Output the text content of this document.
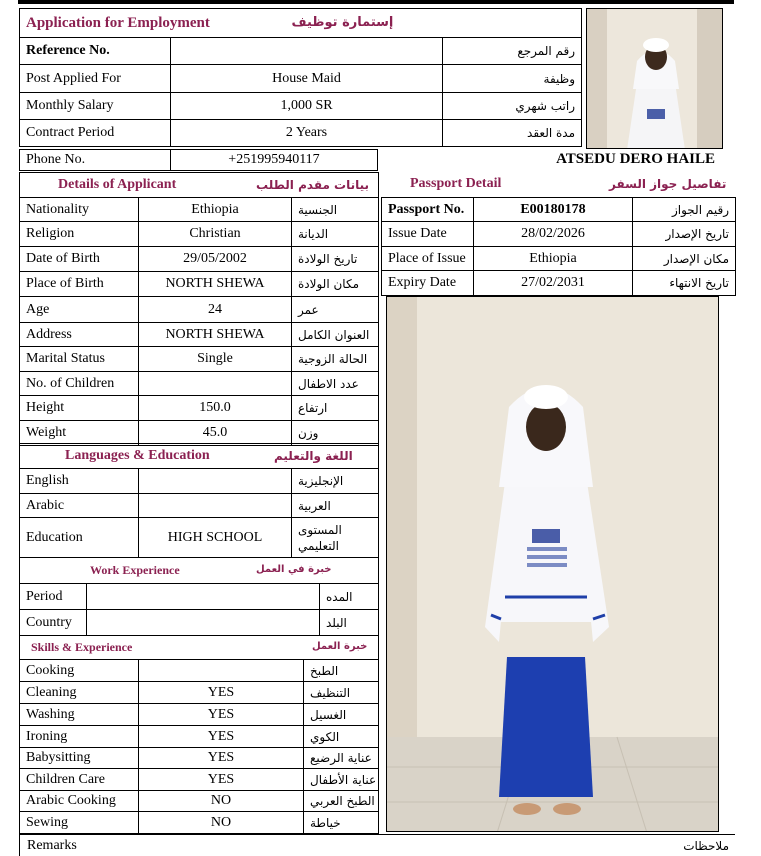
Application for Employment إستمارة توظيف		

Reference No.		رقم المرجع
Post Applied For	House Maid	وظيفة
Monthly Salary	1,000 SR	راتب شهري
Contract Period	2 Years	مدة العقد
Phone No.	+251995940117	ATSEDU DERO HAILE
Details of Applicant بيانات مقدم الطلب		

Nationality	Ethiopia	الجنسية
Religion	Christian	الديانة
Date of Birth	29/05/2002	تاريخ الولادة
Place of Birth	NORTH SHEWA	مكان الولادة
Age	24	عمر
Address	NORTH SHEWA	العنوان الكامل
Marital Status	Single	الحالة الزوجية
No. of Children		عدد الاطفال
Height	150.0	ارتفاع
Weight	45.0	وزن
Languages & Education اللغة والتعليم		

English		الإنجليزية
Arabic		العربية
Education	HIGH SCHOOL	المستوى التعليمي
Work Experience خبرة في العمل		

Period		المده
Country		البلد
Skills & Experience خبرة العمل		

Cooking		الطبخ
Cleaning	YES	التنظيف
Washing	YES	الغسيل
Ironing	YES	الكوي
Babysitting	YES	عناية الرضيع
Children Care	YES	عناية الأطفال
Arabic Cooking	NO	الطبخ العربي
Sewing	NO	خياطة
Remarks	ملاحظات
Passport Detail	تفاصيل جواز السفر
Passport No.	E00180178	رقيم الجواز
Issue Date	28/02/2026	تاريخ الإصدار
Place of Issue	Ethiopia	مكان الإصدار
Expiry Date	27/02/2031	تاريخ الانتهاء
